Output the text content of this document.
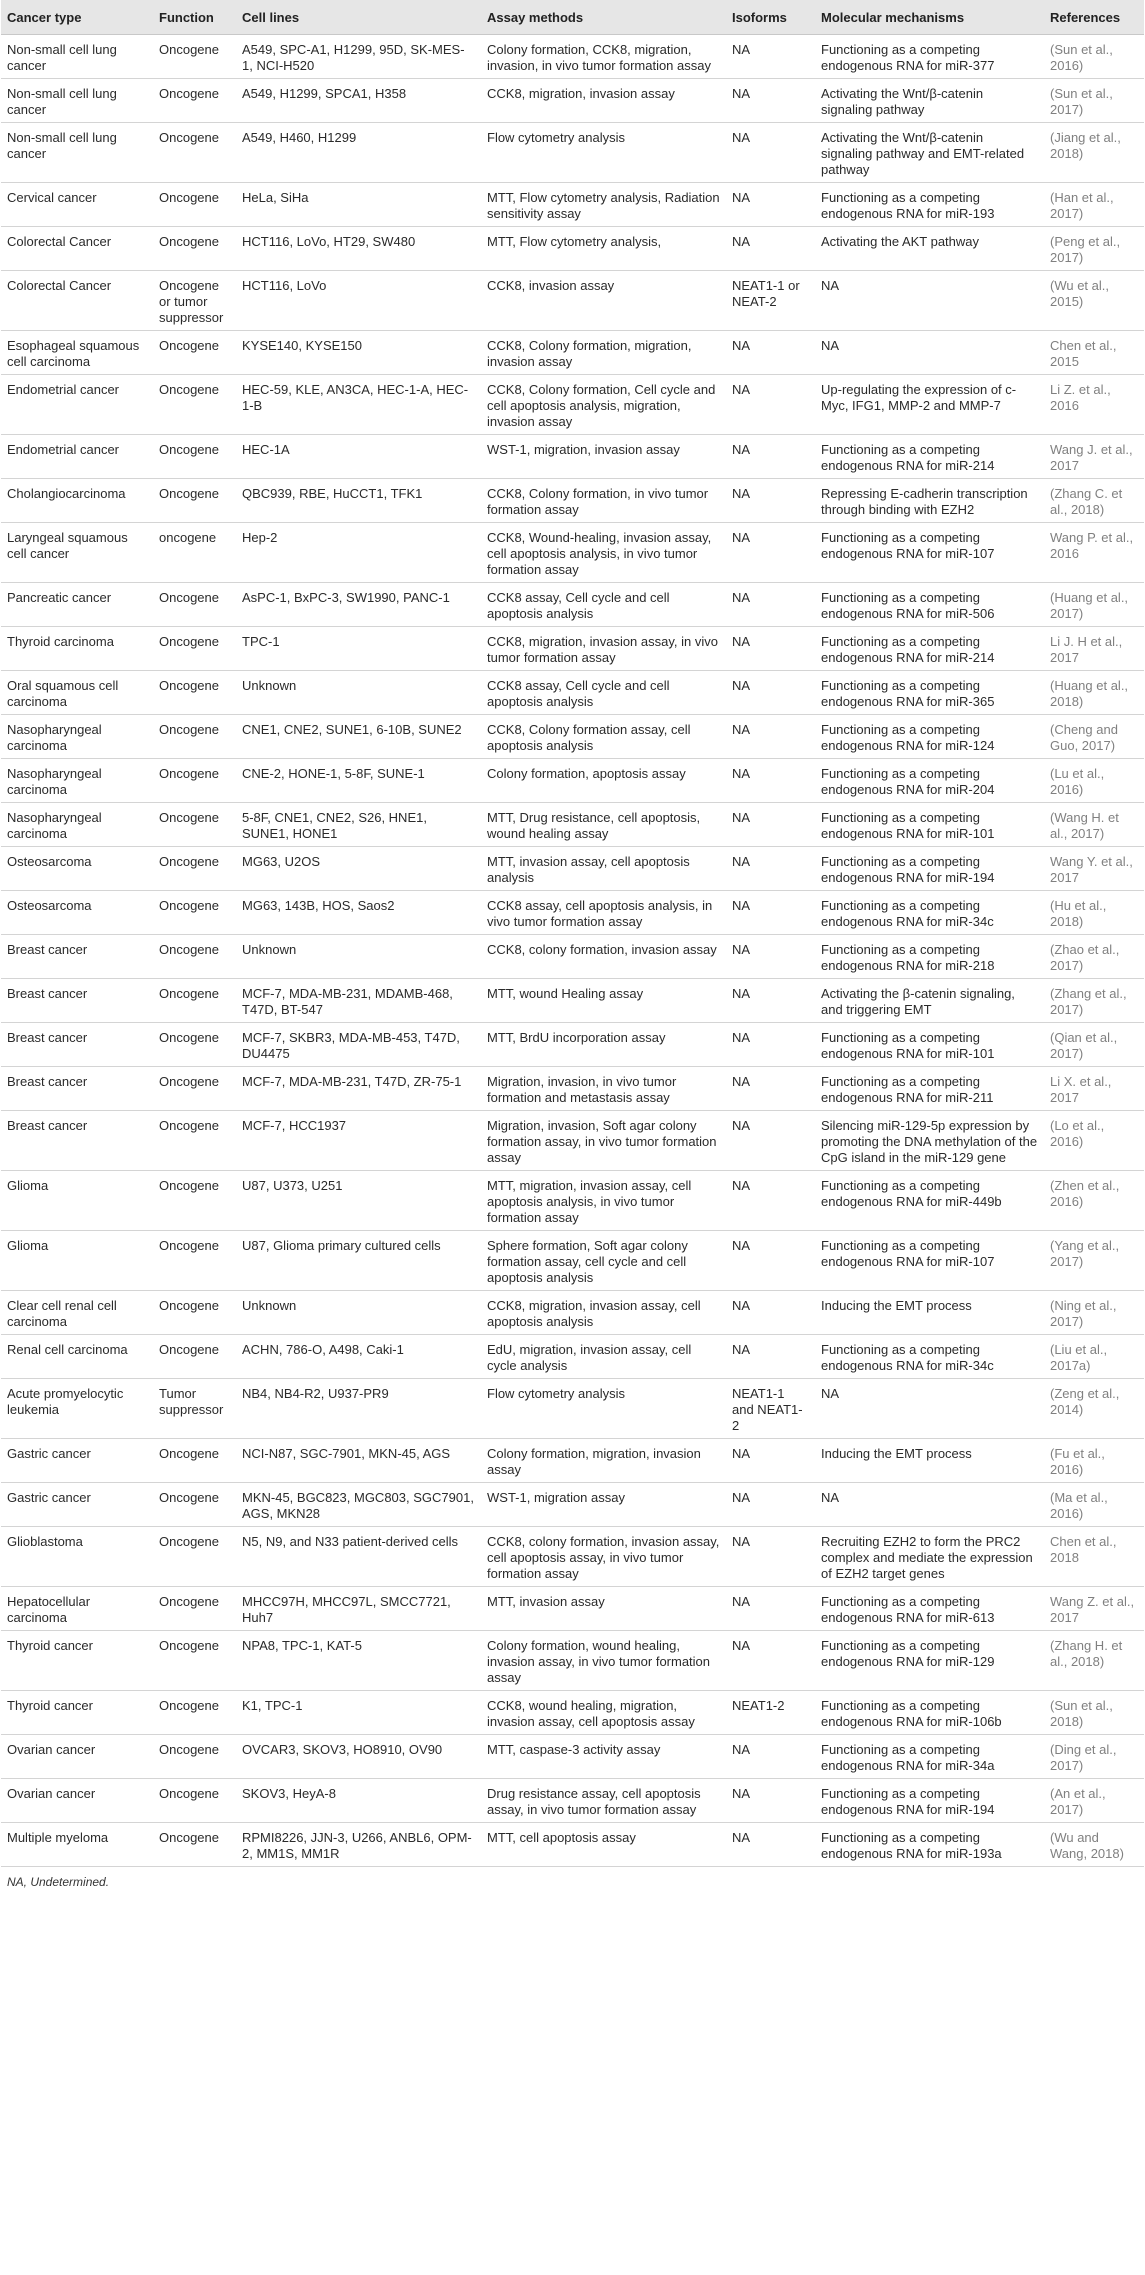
Cancer type	Function	Cell lines	Assay methods	Isoforms	Molecular mechanisms	References
Non-small cell lung cancer	Oncogene	A549, SPC-A1, H1299, 95D, SK-MES-1, NCI-H520	Colony formation, CCK8, migration, invasion, in vivo tumor formation assay	NA	Functioning as a competing endogenous RNA for miR-377	(Sun et al., 2016)
Non-small cell lung cancer	Oncogene	A549, H1299, SPCA1, H358	CCK8, migration, invasion assay	NA	Activating the Wnt/β-catenin signaling pathway	(Sun et al., 2017)
Non-small cell lung cancer	Oncogene	A549, H460, H1299	Flow cytometry analysis	NA	Activating the Wnt/β-catenin signaling pathway and EMT-related pathway	(Jiang et al., 2018)
Cervical cancer	Oncogene	HeLa, SiHa	MTT, Flow cytometry analysis, Radiation sensitivity assay	NA	Functioning as a competing endogenous RNA for miR-193	(Han et al., 2017)
Colorectal Cancer	Oncogene	HCT116, LoVo, HT29, SW480	MTT, Flow cytometry analysis,	NA	Activating the AKT pathway	(Peng et al., 2017)
Colorectal Cancer	Oncogene or tumor suppressor	HCT116, LoVo	CCK8, invasion assay	NEAT1-1 or NEAT-2	NA	(Wu et al., 2015)
Esophageal squamous cell carcinoma	Oncogene	KYSE140, KYSE150	CCK8, Colony formation, migration, invasion assay	NA	NA	Chen et al., 2015
Endometrial cancer	Oncogene	HEC-59, KLE, AN3CA, HEC-1-A, HEC-1-B	CCK8, Colony formation, Cell cycle and cell apoptosis analysis, migration, invasion assay	NA	Up-regulating the expression of c-Myc, IFG1, MMP-2 and MMP-7	Li Z. et al., 2016
Endometrial cancer	Oncogene	HEC-1A	WST-1, migration, invasion assay	NA	Functioning as a competing endogenous RNA for miR-214	Wang J. et al., 2017
Cholangiocarcinoma	Oncogene	QBC939, RBE, HuCCT1, TFK1	CCK8, Colony formation, in vivo tumor formation assay	NA	Repressing E-cadherin transcription through binding with EZH2	(Zhang C. et al., 2018)
Laryngeal squamous cell cancer	oncogene	Hep-2	CCK8, Wound-healing, invasion assay, cell apoptosis analysis, in vivo tumor formation assay	NA	Functioning as a competing endogenous RNA for miR-107	Wang P. et al., 2016
Pancreatic cancer	Oncogene	AsPC-1, BxPC-3, SW1990, PANC-1	CCK8 assay, Cell cycle and cell apoptosis analysis	NA	Functioning as a competing endogenous RNA for miR-506	(Huang et al., 2017)
Thyroid carcinoma	Oncogene	TPC-1	CCK8, migration, invasion assay, in vivo tumor formation assay	NA	Functioning as a competing endogenous RNA for miR-214	Li J. H et al., 2017
Oral squamous cell carcinoma	Oncogene	Unknown	CCK8 assay, Cell cycle and cell apoptosis analysis	NA	Functioning as a competing endogenous RNA for miR-365	(Huang et al., 2018)
Nasopharyngeal carcinoma	Oncogene	CNE1, CNE2, SUNE1, 6-10B, SUNE2	CCK8, Colony formation assay, cell apoptosis analysis	NA	Functioning as a competing endogenous RNA for miR-124	(Cheng and Guo, 2017)
Nasopharyngeal carcinoma	Oncogene	CNE-2, HONE-1, 5-8F, SUNE-1	Colony formation, apoptosis assay	NA	Functioning as a competing endogenous RNA for miR-204	(Lu et al., 2016)
Nasopharyngeal carcinoma	Oncogene	5-8F, CNE1, CNE2, S26, HNE1, SUNE1, HONE1	MTT, Drug resistance, cell apoptosis, wound healing assay	NA	Functioning as a competing endogenous RNA for miR-101	(Wang H. et al., 2017)
Osteosarcoma	Oncogene	MG63, U2OS	MTT, invasion assay, cell apoptosis analysis	NA	Functioning as a competing endogenous RNA for miR-194	Wang Y. et al., 2017
Osteosarcoma	Oncogene	MG63, 143B, HOS, Saos2	CCK8 assay, cell apoptosis analysis, in vivo tumor formation assay	NA	Functioning as a competing endogenous RNA for miR-34c	(Hu et al., 2018)
Breast cancer	Oncogene	Unknown	CCK8, colony formation, invasion assay	NA	Functioning as a competing endogenous RNA for miR-218	(Zhao et al., 2017)
Breast cancer	Oncogene	MCF-7, MDA-MB-231, MDAMB-468, T47D, BT-547	MTT, wound Healing assay	NA	Activating the β-catenin signaling, and triggering EMT	(Zhang et al., 2017)
Breast cancer	Oncogene	MCF-7, SKBR3, MDA-MB-453, T47D, DU4475	MTT, BrdU incorporation assay	NA	Functioning as a competing endogenous RNA for miR-101	(Qian et al., 2017)
Breast cancer	Oncogene	MCF-7, MDA-MB-231, T47D, ZR-75-1	Migration, invasion, in vivo tumor formation and metastasis assay	NA	Functioning as a competing endogenous RNA for miR-211	Li X. et al., 2017
Breast cancer	Oncogene	MCF-7, HCC1937	Migration, invasion, Soft agar colony formation assay, in vivo tumor formation assay	NA	Silencing miR-129-5p expression by promoting the DNA methylation of the CpG island in the miR-129 gene	(Lo et al., 2016)
Glioma	Oncogene	U87, U373, U251	MTT, migration, invasion assay, cell apoptosis analysis, in vivo tumor formation assay	NA	Functioning as a competing endogenous RNA for miR-449b	(Zhen et al., 2016)
Glioma	Oncogene	U87, Glioma primary cultured cells	Sphere formation, Soft agar colony formation assay, cell cycle and cell apoptosis analysis	NA	Functioning as a competing endogenous RNA for miR-107	(Yang et al., 2017)
Clear cell renal cell carcinoma	Oncogene	Unknown	CCK8, migration, invasion assay, cell apoptosis analysis	NA	Inducing the EMT process	(Ning et al., 2017)
Renal cell carcinoma	Oncogene	ACHN, 786-O, A498, Caki-1	EdU, migration, invasion assay, cell cycle analysis	NA	Functioning as a competing endogenous RNA for miR-34c	(Liu et al., 2017a)
Acute promyelocytic leukemia	Tumor suppressor	NB4, NB4-R2, U937-PR9	Flow cytometry analysis	NEAT1-1 and NEAT1-2	NA	(Zeng et al., 2014)
Gastric cancer	Oncogene	NCI-N87, SGC-7901, MKN-45, AGS	Colony formation, migration, invasion assay	NA	Inducing the EMT process	(Fu et al., 2016)
Gastric cancer	Oncogene	MKN-45, BGC823, MGC803, SGC7901, AGS, MKN28	WST-1, migration assay	NA	NA	(Ma et al., 2016)
Glioblastoma	Oncogene	N5, N9, and N33 patient-derived cells	CCK8, colony formation, invasion assay, cell apoptosis assay, in vivo tumor formation assay	NA	Recruiting EZH2 to form the PRC2 complex and mediate the expression of EZH2 target genes	Chen et al., 2018
Hepatocellular carcinoma	Oncogene	MHCC97H, MHCC97L, SMCC7721, Huh7	MTT, invasion assay	NA	Functioning as a competing endogenous RNA for miR-613	Wang Z. et al., 2017
Thyroid cancer	Oncogene	NPA8, TPC-1, KAT-5	Colony formation, wound healing, invasion assay, in vivo tumor formation assay	NA	Functioning as a competing endogenous RNA for miR-129	(Zhang H. et al., 2018)
Thyroid cancer	Oncogene	K1, TPC-1	CCK8, wound healing, migration, invasion assay, cell apoptosis assay	NEAT1-2	Functioning as a competing endogenous RNA for miR-106b	(Sun et al., 2018)
Ovarian cancer	Oncogene	OVCAR3, SKOV3, HO8910, OV90	MTT, caspase-3 activity assay	NA	Functioning as a competing endogenous RNA for miR-34a	(Ding et al., 2017)
Ovarian cancer	Oncogene	SKOV3, HeyA-8	Drug resistance assay, cell apoptosis assay, in vivo tumor formation assay	NA	Functioning as a competing endogenous RNA for miR-194	(An et al., 2017)
Multiple myeloma	Oncogene	RPMI8226, JJN-3, U266, ANBL6, OPM-2, MM1S, MM1R	MTT, cell apoptosis assay	NA	Functioning as a competing endogenous RNA for miR-193a	(Wu and Wang, 2018)
NA, Undetermined.
